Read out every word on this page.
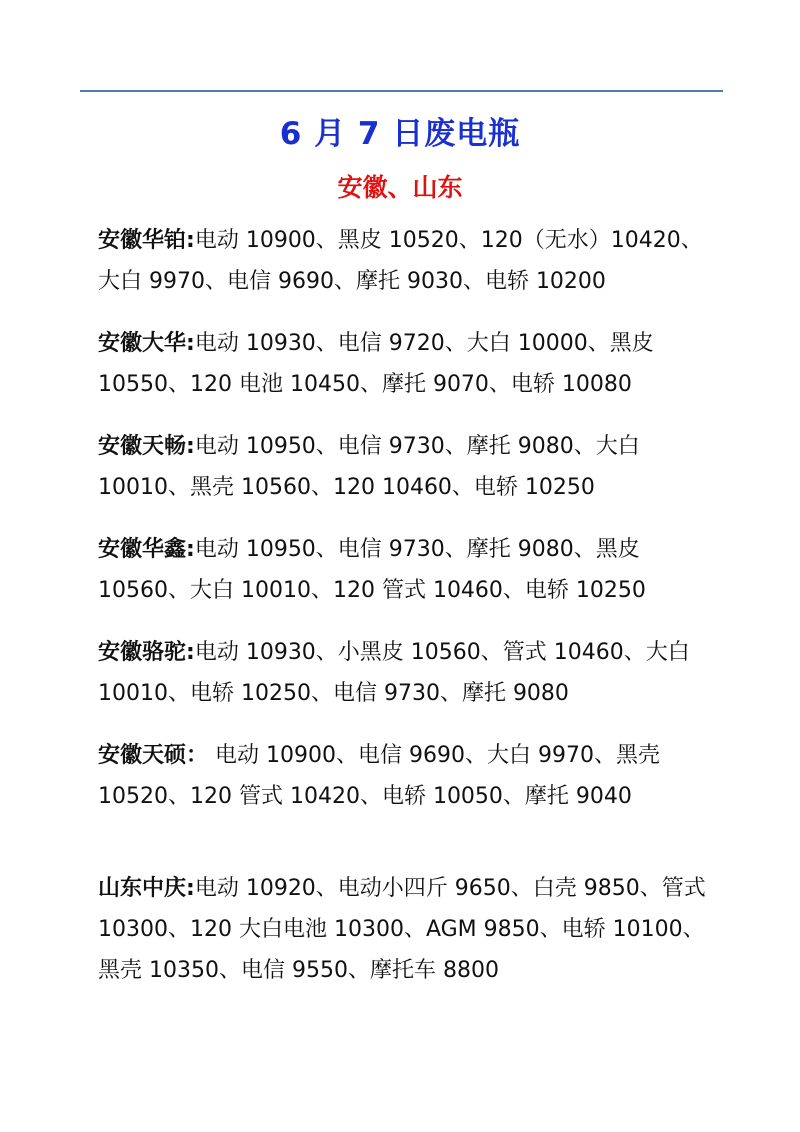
6 月 7 日废电瓶
安徽、山东

安徽华铂:电动 10900、黑皮 10520、120（无水）10420、大白 9970、电信 9690、摩托 9030、电轿 10200

安徽大华:电动 10930、电信 9720、大白 10000、黑皮 10550、120 电池 10450、摩托 9070、电轿 10080

安徽天畅:电动 10950、电信 9730、摩托 9080、大白 10010、黑壳 10560、120 10460、电轿 10250

安徽华鑫:电动 10950、电信 9730、摩托 9080、黑皮 10560、大白 10010、120 管式 10460、电轿 10250

安徽骆驼:电动 10930、小黑皮 10560、管式 10460、大白 10010、电轿 10250、电信 9730、摩托 9080

安徽天硕： 电动 10900、电信 9690、大白 9970、黑壳 10520、120 管式 10420、电轿 10050、摩托 9040

山东中庆:电动 10920、电动小四斤 9650、白壳 9850、管式 10300、120 大白电池 10300、AGM 9850、电轿 10100、黑壳 10350、电信 9550、摩托车 8800
